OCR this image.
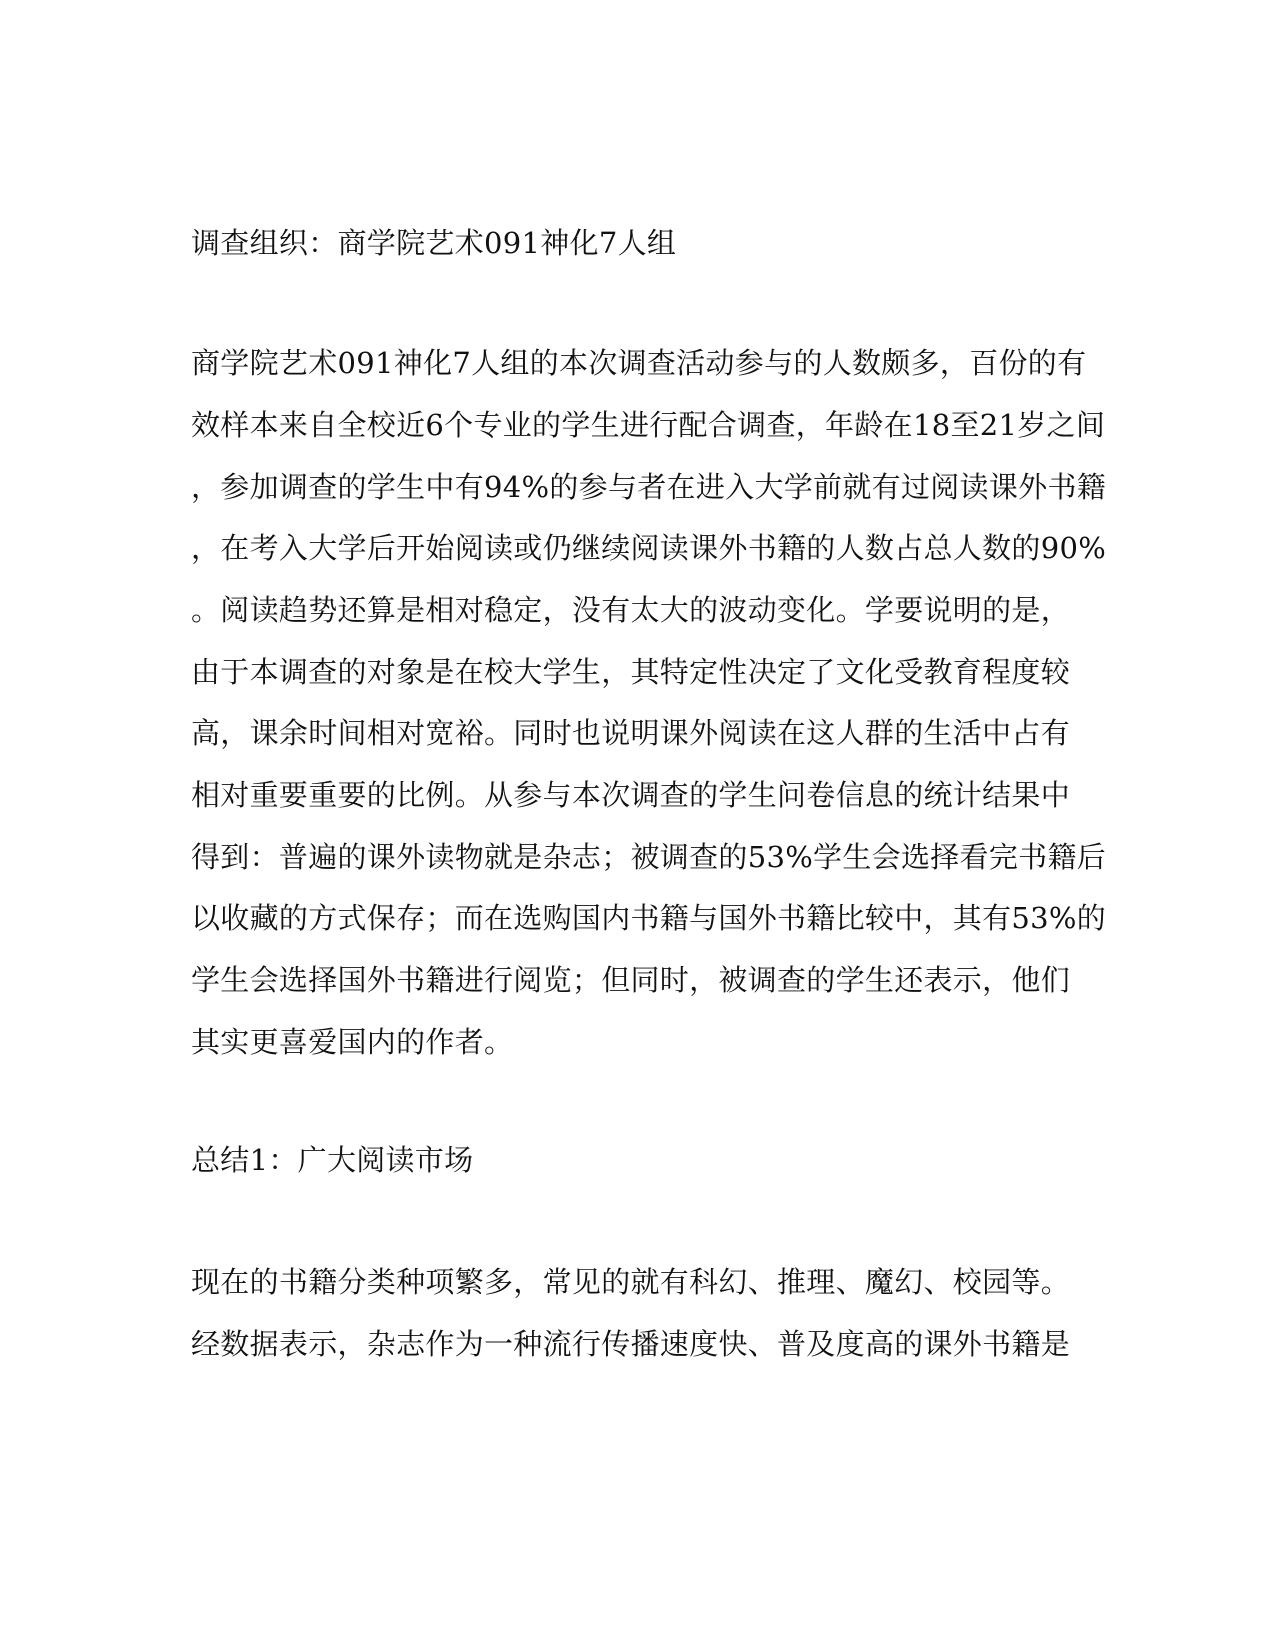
调查组织：商学院艺术091神化7人组
商学院艺术091神化7人组的本次调查活动参与的人数颇多，百份的有
效样本来自全校近6个专业的学生进行配合调查，年龄在18至21岁之间
，参加调查的学生中有94%的参与者在进入大学前就有过阅读课外书籍
，在考入大学后开始阅读或仍继续阅读课外书籍的人数占总人数的90%
。阅读趋势还算是相对稳定，没有太大的波动变化。学要说明的是，
由于本调查的对象是在校大学生，其特定性决定了文化受教育程度较
高，课余时间相对宽裕。同时也说明课外阅读在这人群的生活中占有
相对重要重要的比例。从参与本次调查的学生问卷信息的统计结果中
得到：普遍的课外读物就是杂志；被调查的53%学生会选择看完书籍后
以收藏的方式保存；而在选购国内书籍与国外书籍比较中，其有53%的
学生会选择国外书籍进行阅览；但同时，被调查的学生还表示，他们
其实更喜爱国内的作者。
总结1：广大阅读市场
现在的书籍分类种项繁多，常见的就有科幻、推理、魔幻、校园等。
经数据表示，杂志作为一种流行传播速度快、普及度高的课外书籍是
